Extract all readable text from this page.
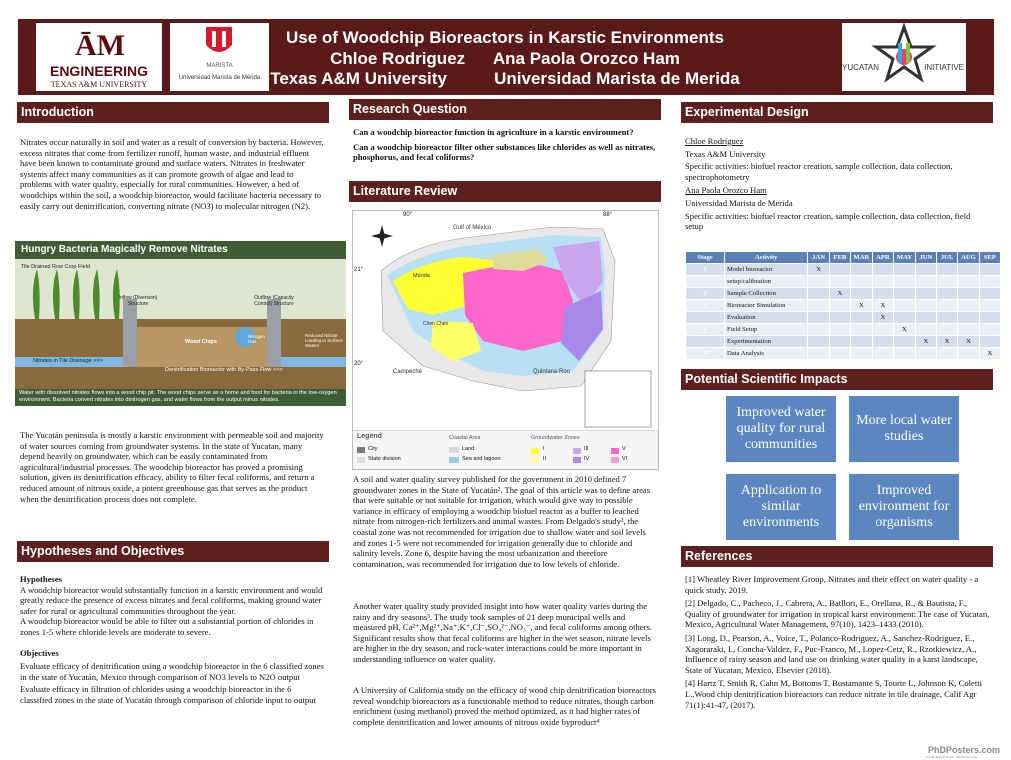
ĀM
ENGINEERING
TEXAS A&M UNIVERSITY
MARISTA
Universidad Marista de Mérida
Use of Woodchip Bioreactors in Karstic Environments
Chloe Rodriguez      Ana Paola Orozco Ham
Texas A&M University          Universidad Marista de Merida
YUCATAN	INITIATIVE
Introduction
Nitrates occur naturally in soil and water as a result of conversion by bacteria. However, excess nitrates that come from fertilizer runoff, human waste, and industrial effluent have been known to contaminate ground and surface waters. Nitrates in freshwater systems affect many communities as it can promote growth of algae and lead to problems with water quality, especially for rural communities. However, a bed of woodchips within the soil, a woodchip bioreactor, would facilitate bacteria necessary to easily carry out denitrification, converting nitrate (NO3) to molecular nitrogen (N2).
Hungry Bacteria Magically Remove Nitrates
Tile Drained Row Crop Field
Inflow (Diversion) Structure
Outflow (Capacity Control) Structure
Wood Chips
Nitrogen Gas
Reduced Nitrate Loading to Surface Waters
Nitrates in Tile Drainage >>>
Denitrification Bioreactor with By-Pass Flow >>>
Water with dissolved nitrates flows into a wood chip pit. The wood chips serve as a home and food for bacteria in the low-oxygen environment. Bacteria convert nitrates into dinitrogen gas, and water flows from the output minus nitrates.
The Yucatán peninsula is mostly a karstic environment with permeable soil and majority of water sources coming from groundwater systems. In the state of Yucatan, many depend heavily on groundwater, which can be easily contaminated from agricultural/industrial processes. The woodchip bioreactor has proved a promising solution, given its denitrification efficacy, ability to filter fecal coliforms, and return a reduced amount of nitrous oxide, a potent greenhouse gas that serves as the product when the denitrification process does not complete.
Hypotheses and Objectives
Hypotheses
A woodchip bioreactor would substantially function in a karstic environment and would greatly reduce the presence of excess nitrates and fecal coliforms, making ground water safer for rural or agricultural communities throughout the year.
A woodchip bioreactor would be able to filter out a substantial portion of chlorides in zones 1-5 where chloride levels are moderate to severe.
Objectives
Evaluate efficacy of denitrification using a woodchip bioreactor in the 6 classified zones in the state of Yucatán, Mexico through comparison of NO3 levels to N2O output
Evaluate efficacy in filtration of chlorides using a woodchip bioreactor in the 6 classified zones in the state of Yucatán through comparison of chloride input to output
Research Question
Can a woodchip bioreactor function in agriculture in a karstic environment?
Can a woodchip bioreactor filter other substances like chlorides as well as nitrates, phosphorus, and fecal coliforms?
Literature Review
90°	88°
21°
20°
Gulf of México
Mérida
Chen Chén
Campeche	Quintana Roo
Legend	Coastal Area	Groundwater Zones
City
State division
Land
Sea and lagoon
I
II
III
IV
V
VI
A soil and water quality survey published for the government in 2010 defined 7 groundwater zones in the State of Yucatán². The goal of this article was to define areas that were suitable or not suitable for irrigation, which would give way to possible variance in efficacy of employing a woodchip biofuel reactor as a buffer to leached nitrate from nitrogen-rich fertilizers and animal wastes. From Delgado's study², the coastal zone was not recommended for irrigation due to shallow water and soil levels and zones 1-5 were not recommended for irrigation generally due to chloride and salinity levels. Zone 6, despite having the most urbanization and therefore contamination, was recommended for irrigation due to low levels of chloride.
Another water quality study provided insight into how water quality varies during the rainy and dry seasons³. The study took samples of 21 deep municipal wells and measured pH, Ca²⁺,Mg²⁺,Na⁺,K⁺,Cl⁻,SO₄²⁻,NO₃⁻, and fecal coliforms among others. Significant results show that fecal coliforms are higher in the wet season, nitrate levels are higher in the dry season, and rock-water interactions could be more important in understanding influence on water quality.
A University of California study on the efficacy of wood chip denitrification bioreactors reveal woodchip bioreactors as a functionable method to reduce nitrates, though carbon enrichment (using methanol) proved the method optimized, as it had higher rates of complete denitrification and lower amounts of nitrous oxide byproduct⁴
Experimental Design
Chloe Rodriguez
Texas A&M University
Specific activities: biofuel reactor creation, sample collection, data collection, spectrophotometry
Ana Paola Orozco Ham
Universidad Marista de Merida
Specific activities: biofuel reactor creation, sample collection, data collection, field setup
Stage	Activity	JAN	FEB	MAR	APR	MAY	JUN	JUL	AUG	SEP
1	Model bioreactor	X								
	setup/calibration									
2	Sample Collection		X							
3	Bioreactor Simulation			X	X					
	Evaluation				X					
4	Field Setup					X				
	Experimentation						X	X	X	
5	Data Analysis									X
Potential Scientific Impacts
Improved water quality for rural communities
More local water studies
Application to similar environments
Improved environment for organisms
References
[1] Wheatley River Improvement Group, Nitrates and their effect on water quality - a quick study, 2019.
[2] Delgado, C., Pacheco, J., Cabrera, A., Batllori, E., Orellana, R., & Bautista, F., Quality of groundwater for irrigation in tropical karst environment: The case of Yucatan, Mexico, Agricultural Water Management, 97(10), 1423–1433 (2010).
[3] Long, D., Pearson, A., Voice, T., Polanco-Rodriguez, A., Sanchez-Rodriguez, E., Xagoraraki, I., Concha-Valdez, F., Puc-Franco, M., Lopez-Cetz, R., Rzotkiewicz, A., Influence of rainy season and land use on drinking water quality in a karst landscape, State of Yucatan, Mexico, Elsevier (2018).
[4] Hartz T, Smith R, Cahn M, Bottoms T, Bustamante S, Tourte L, Johnson K, Coletti L.,Wood chip denitrification bioreactors can reduce nitrate in tile drainage, Calif Agr 71(1):41-47, (2017).
PhDPosters.com
Your Research Poster. Printed For Less.
